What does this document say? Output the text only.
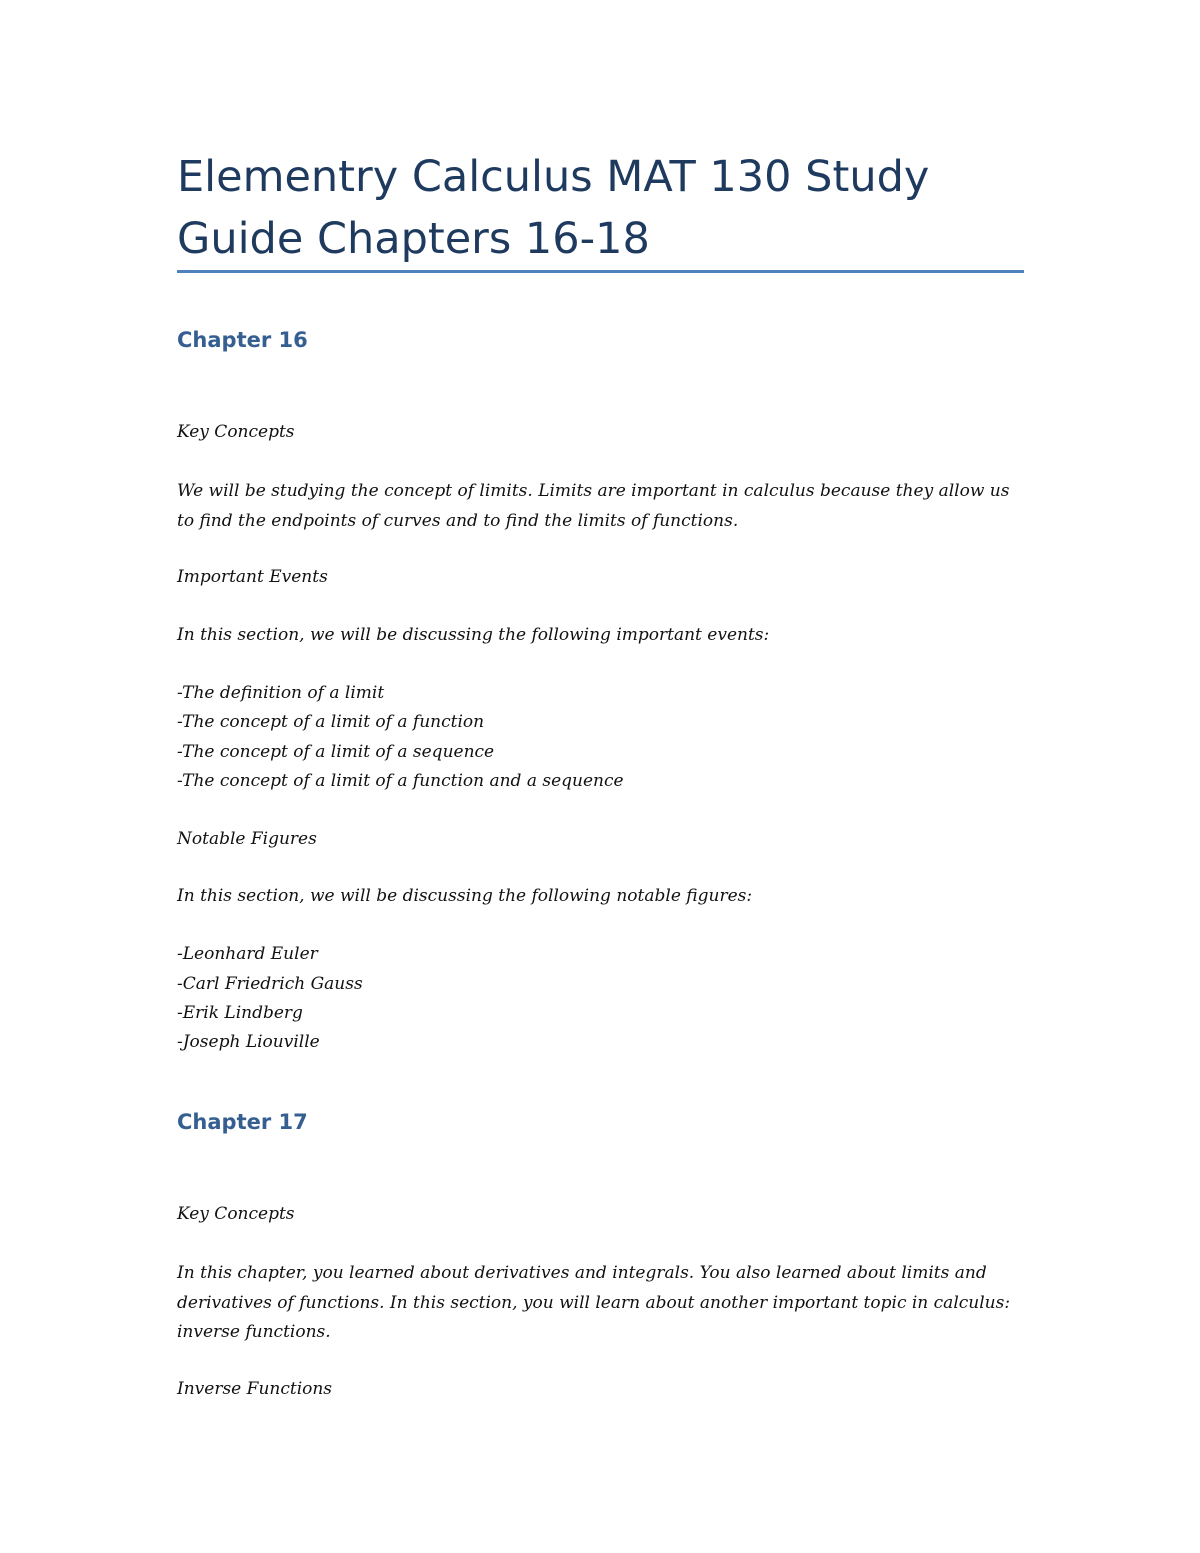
Elementry Calculus MAT 130 Study Guide Chapters 16-18
Chapter 16

Key Concepts

We will be studying the concept of limits. Limits are important in calculus because they allow us to find the endpoints of curves and to find the limits of functions.

Important Events

In this section, we will be discussing the following important events:

-The definition of a limit

-The concept of a limit of a function

-The concept of a limit of a sequence

-The concept of a limit of a function and a sequence

Notable Figures

In this section, we will be discussing the following notable figures:

-Leonhard Euler

-Carl Friedrich Gauss

-Erik Lindberg

-Joseph Liouville

Chapter 17

Key Concepts

In this chapter, you learned about derivatives and integrals. You also learned about limits and derivatives of functions. In this section, you will learn about another important topic in calculus: inverse functions.

Inverse Functions
